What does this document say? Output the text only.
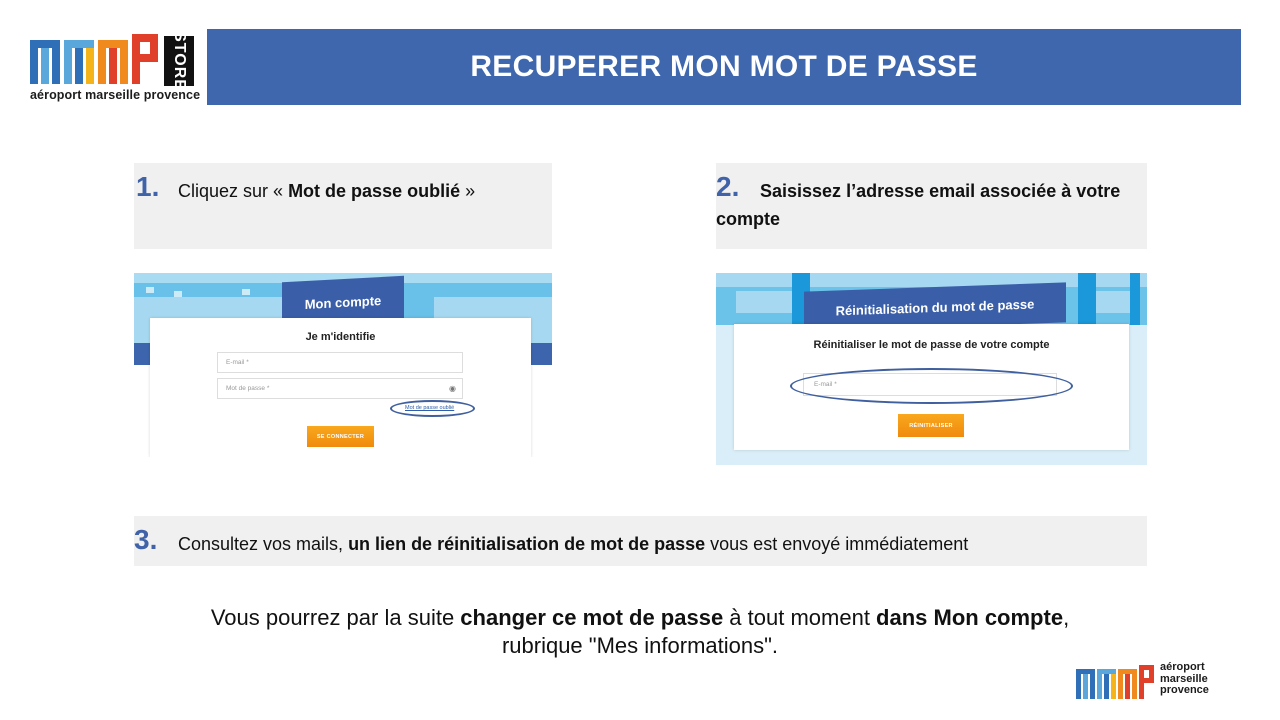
STORE
aéroport marseille provence
RECUPERER MON MOT DE PASSE
1. Cliquez sur « Mot de passe oublié »	2.	Saisissez l’adresse email associée à votre compte
Mon compte
Je m'identifie
E-mail *
Mot de passe *	◉
Mot de passe oublié
SE CONNECTER
Réinitialisation du mot de passe
Réinitialiser le mot de passe de votre compte
E-mail *
RÉINITIALISER
3. Consultez vos mails, un lien de réinitialisation de mot de passe vous est envoyé immédiatement
Vous pourrez par la suite changer ce mot de passe à tout moment dans Mon compte,
rubrique "Mes informations".
aéroport
marseille
provence
